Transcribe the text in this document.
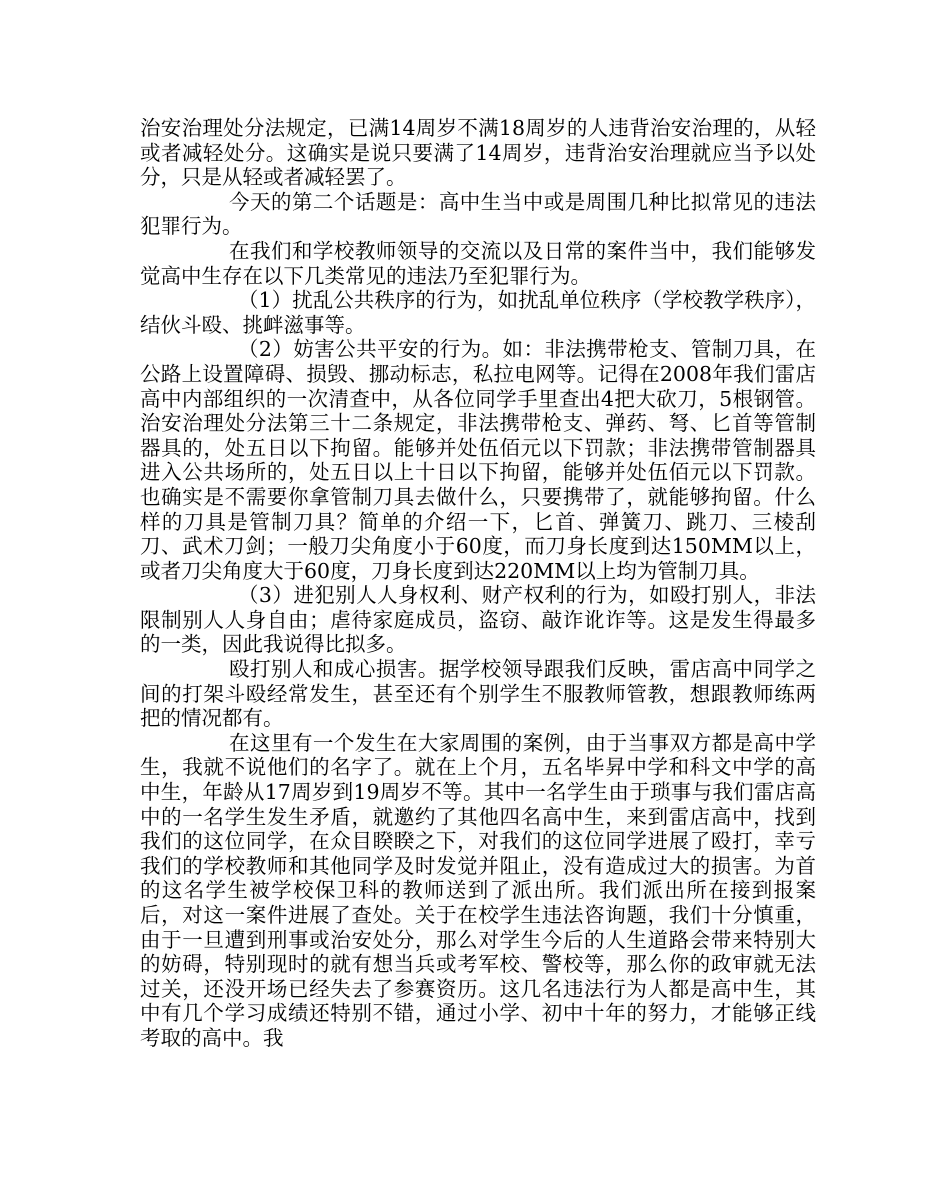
治安治理处分法规定，已满14周岁不满18周岁的人违背治安治理的，从轻或者减轻处分。这确实是说只要满了14周岁，违背治安治理就应当予以处分，只是从轻或者减轻罢了。

今天的第二个话题是：高中生当中或是周围几种比拟常见的违法犯罪行为。

在我们和学校教师领导的交流以及日常的案件当中，我们能够发觉高中生存在以下几类常见的违法乃至犯罪行为。

（1）扰乱公共秩序的行为，如扰乱单位秩序（学校教学秩序），结伙斗殴、挑衅滋事等。

（2）妨害公共平安的行为。如：非法携带枪支、管制刀具，在公路上设置障碍、损毁、挪动标志，私拉电网等。记得在2008年我们雷店高中内部组织的一次清查中，从各位同学手里查出4把大砍刀，5根钢管。治安治理处分法第三十二条规定，非法携带枪支、弹药、弩、匕首等管制器具的，处五日以下拘留。能够并处伍佰元以下罚款；非法携带管制器具进入公共场所的，处五日以上十日以下拘留，能够并处伍佰元以下罚款。也确实是不需要你拿管制刀具去做什么，只要携带了，就能够拘留。什么样的刀具是管制刀具？简单的介绍一下，匕首、弹簧刀、跳刀、三棱刮刀、武术刀剑；一般刀尖角度小于60度，而刀身长度到达150MM以上，或者刀尖角度大于60度，刀身长度到达220MM以上均为管制刀具。

（3）进犯别人人身权利、财产权利的行为，如殴打别人，非法限制别人人身自由；虐待家庭成员，盗窃、敲诈讹诈等。这是发生得最多的一类，因此我说得比拟多。

殴打别人和成心损害。据学校领导跟我们反映，雷店高中同学之间的打架斗殴经常发生，甚至还有个别学生不服教师管教，想跟教师练两把的情况都有。

在这里有一个发生在大家周围的案例，由于当事双方都是高中学生，我就不说他们的名字了。就在上个月，五名毕昇中学和科文中学的高中生，年龄从17周岁到19周岁不等。其中一名学生由于琐事与我们雷店高中的一名学生发生矛盾，就邀约了其他四名高中生，来到雷店高中，找到我们的这位同学，在众目睽睽之下，对我们的这位同学进展了殴打，幸亏我们的学校教师和其他同学及时发觉并阻止，没有造成过大的损害。为首的这名学生被学校保卫科的教师送到了派出所。我们派出所在接到报案后，对这一案件进展了查处。关于在校学生违法咨询题，我们十分慎重，由于一旦遭到刑事或治安处分，那么对学生今后的人生道路会带来特别大的妨碍，特别现时的就有想当兵或考军校、警校等，那么你的政审就无法过关，还没开场已经失去了参赛资历。这几名违法行为人都是高中生，其中有几个学习成绩还特别不错，通过小学、初中十年的努力，才能够正线考取的高中。我
